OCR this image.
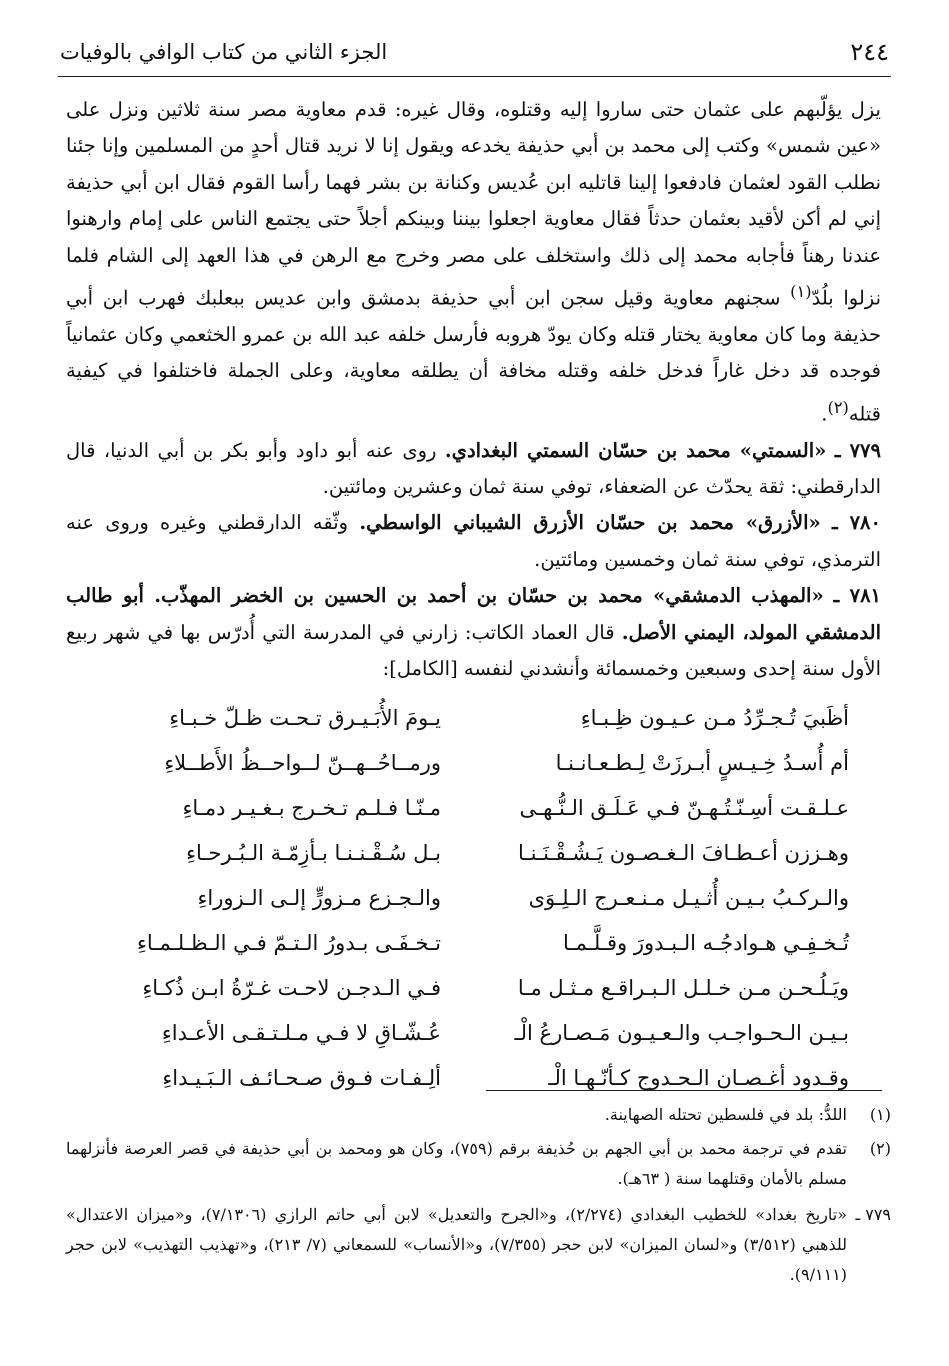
٢٤٤
الجزء الثاني من كتاب الوافي بالوفيات

يزل يؤلّبهم على عثمان حتى ساروا إليه وقتلوه، وقال غيره: قدم معاوية مصر سنة ثلاثين ونزل على «عين شمس» وكتب إلى محمد بن أبي حذيفة يخدعه ويقول إنا لا نريد قتال أحدٍ من المسلمين وإنا جئنا نطلب القود لعثمان فادفعوا إلينا قاتليه ابن عُديس وكنانة بن بشر فهما رأسا القوم فقال ابن أبي حذيفة إني لم أكن لأقيد بعثمان حدثاً فقال معاوية اجعلوا بيننا وبينكم أجلاً حتى يجتمع الناس على إمام وارهنوا عندنا رهناً فأجابه محمد إلى ذلك واستخلف على مصر وخرج مع الرهن في هذا العهد إلى الشام فلما نزلوا بلُدّ$^{(١)}$ سجنهم معاوية وقيل سجن ابن أبي حذيفة بدمشق وابن عديس ببعلبك فهرب ابن أبي حذيفة وما كان معاوية يختار قتله وكان يودّ هروبه فأرسل خلفه عبد الله بن عمرو الخثعمي وكان عثمانياً فوجده قد دخل غاراً فدخل خلفه وقتله مخافة أن يطلقه معاوية، وعلى الجملة فاختلفوا في كيفية قتله$^{(٢)}$.

٧٧٩ ـ «السمتي» محمد بن حسّان السمتي البغدادي. روى عنه أبو داود وأبو بكر بن أبي الدنيا، قال الدارقطني: ثقة يحدّث عن الضعفاء، توفي سنة ثمان وعشرين ومائتين.

٧٨٠ ـ «الأزرق» محمد بن حسّان الأزرق الشيباني الواسطي. وثّقه الدارقطني وغيره وروى عنه الترمذي، توفي سنة ثمان وخمسين ومائتين.

٧٨١ ـ «المهذب الدمشقي» محمد بن حسّان بن أحمد بن الحسين بن الخضر المهذّب. أبو طالب الدمشقي المولد، اليمني الأصل. قال العماد الكاتب: زارني في المدرسة التي أُدرّس بها في شهر ربيع الأول سنة إحدى وسبعين وخمسمائة وأنشدني لنفسه [الكامل]:

أظَبيَ تُـجـرِّدُ مـن عـيـون ظِـبـاءِ
يـومَ الأُبَـيـرق تـحـت ظـلّ خـبـاءِ
أم أُسـدُ خِـيـسٍ أبـرزَتْ لِـطـعـانـنـا
ورمــاحُــهــنّ لــواحــظُ الأَطــلاءِ
عـلـقـت أسِـنّـتُـهـنّ فـي عَـلَـق الـنُّـهـى
مـنّـا فـلـم تـخـرج بـغـيـر دمـاءِ
وهـززن أعـطـافَ الـغـصـون يَـشُـقْـنَـنـا
بـل سُـقْـنـنـا بـأزِمّـة الـبُـرحـاءِ
والـركـبُ بـيـن أُثـيـل مـنـعـرج الـلِـوَى
والـجـزع مـزورٍّ إلـى الـزوراءِ
تُـخـفِـي هـوادجُـه الـبـدورَ وقـلَّـمـا
تـخـفَـى بـدورُ الـتـمّ فـي الـظـلـمـاءِ
ويَـلُـحـن مـن خـلـل الـبـراقـع مـثـل مـا
فـي الـدجـن لاحـت غـرّةُ ابـن ذُكـاءِ
بـيـن الـحـواجـب والـعـيـون مَـصـارعُ الْـ
عُـشّـاقِ لا فـي مـلـتـقـى الأعـداءِ
وقـدود أغـصـان الـحـدوج كـأنّـهـا الْـ
ألِـفـات فـوق صـحـائـف الـبَـيـداءِ
(١)
اللدُّ: بلد في فلسطين تحتله الصهاينة.
(٢)
تقدم في ترجمة محمد بن أبي الجهم بن حُذيفة برقم (٧٥٩)، وكان هو ومحمد بن أبي حذيفة في قصر العرصة فأنزلهما مسلم بالأمان وقتلهما سنة ( ٦٣هـ).
٧٧٩ ـ
«تاريخ بغداد» للخطيب البغدادي (٢/٢٧٤)، و«الجرح والتعديل» لابن أبي حاتم الرازي (٧/١٣٠٦)، و«ميزان الاعتدال» للذهبي (٣/٥١٢) و«لسان الميزان» لابن حجر (٧/٣٥٥)، و«الأنساب» للسمعاني (٧/ ٢١٣)، و«تهذيب التهذيب» لابن حجر (٩/١١١).
